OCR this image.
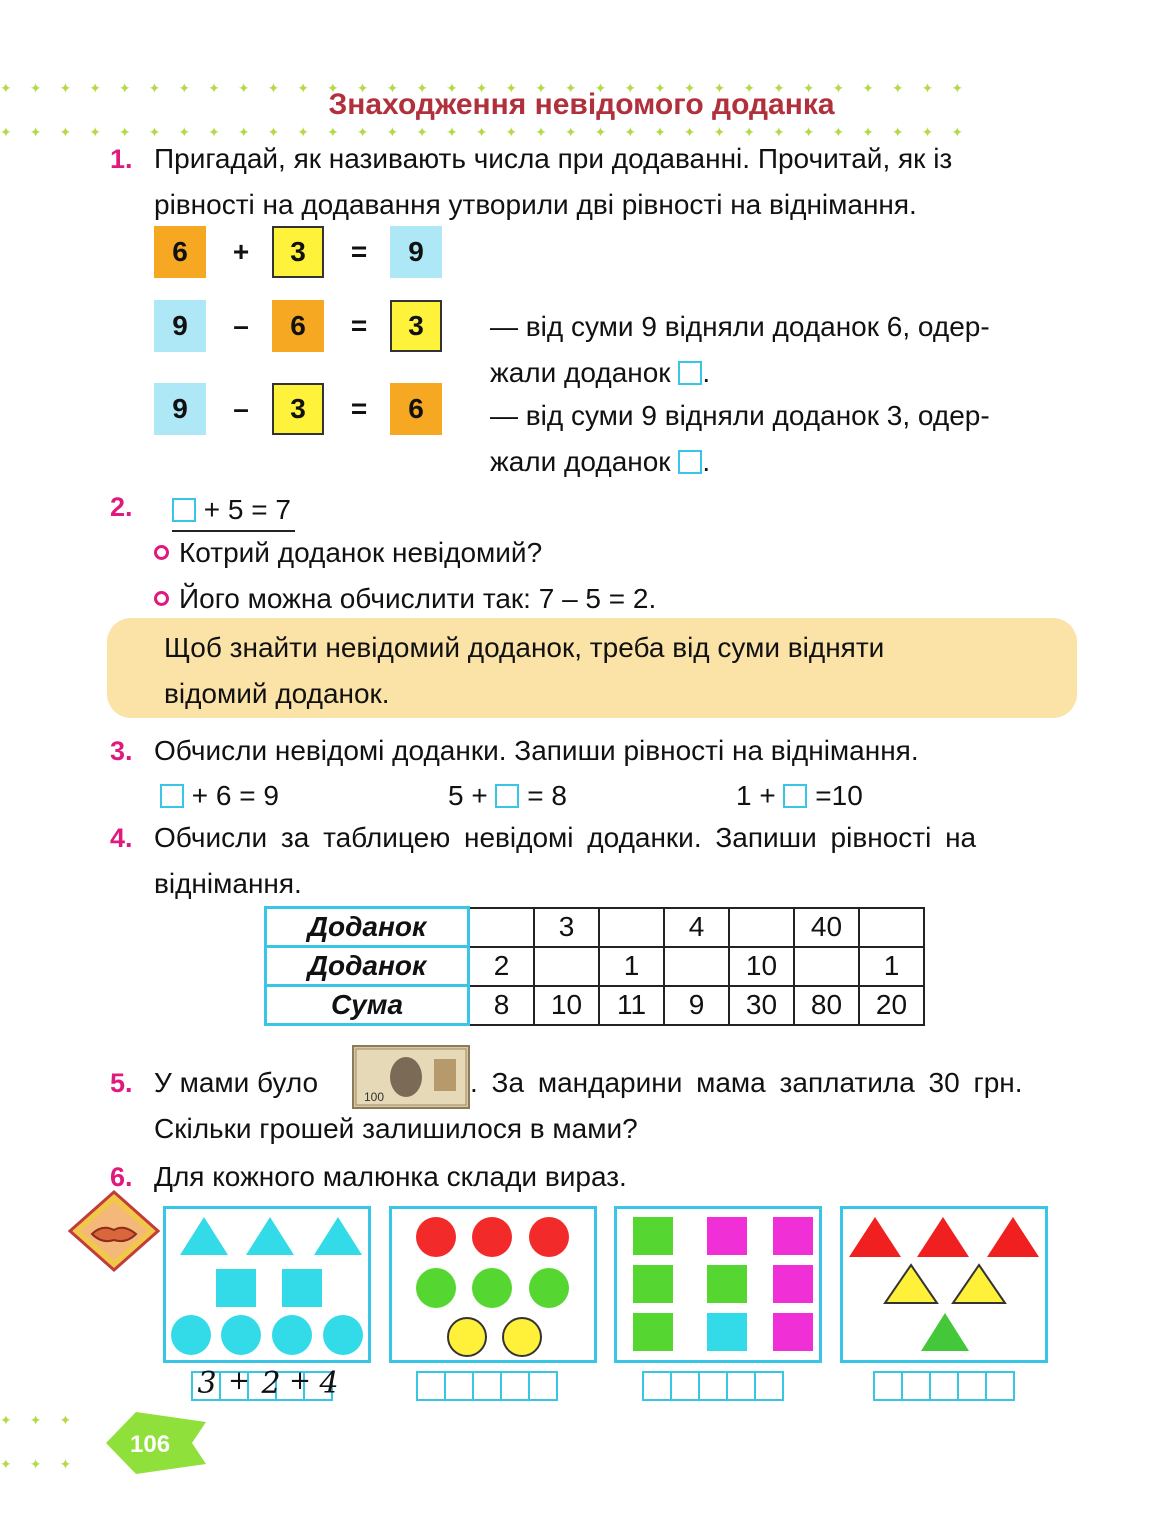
✦✦✦✦✦✦✦✦✦✦✦✦✦✦✦✦✦✦✦✦✦✦✦✦✦✦✦✦✦✦✦✦✦
✦✦✦✦✦✦✦✦✦✦✦✦✦✦✦✦✦✦✦✦✦✦✦✦✦✦✦✦✦✦✦✦✦
✦✦✦
✦✦✦
Знаходження невідомого доданка
1. Пригадай, як називають числа при додаванні. Прочитай, як із
рівності на додавання утворили дві рівності на віднімання.
6	+	3	=	9
9	–	6	=	3
9	–	3	=	6
— від суми 9 відняли доданок 6, одер-
жали доданок .
— від суми 9 відняли доданок 3, одер-
жали доданок .
2.	+ 5 = 7
Котрий доданок невідомий?
Його можна обчислити так: 7 – 5 = 2.
Щоб знайти невідомий доданок, треба від суми відняти
відомий доданок.
3. Обчисли невідомі доданки. Запиши рівності на віднімання.
+ 6 = 9	5 + = 8	1 + =10
4. Обчисли за таблицею невідомі доданки. Запиши рівності на
віднімання.
Доданок		3		4		40	
Доданок	2		1		10		1
Сума	8	10	11	9	30	80	20
5. У мами було	100	. За мандарини мама заплатила 30 грн.
Скільки грошей залишилося в мами?
6. Для кожного малюнка склади вираз.
3 + 2 + 4
106
